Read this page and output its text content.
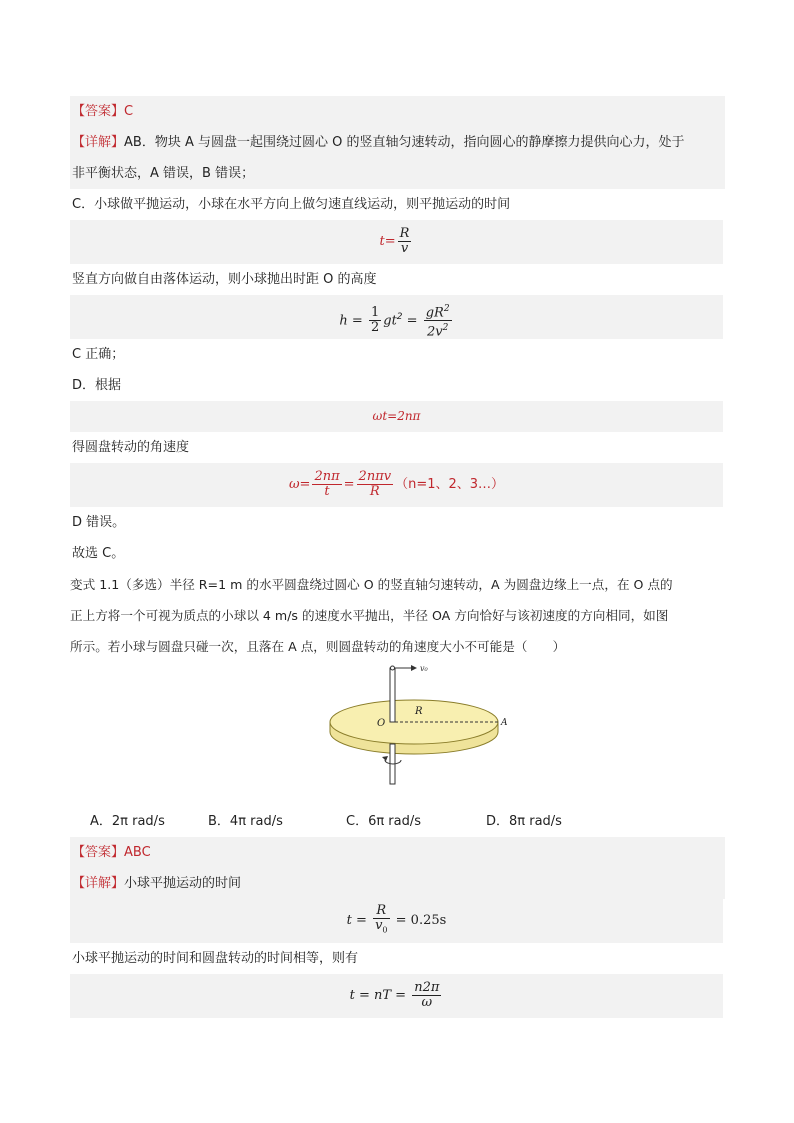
【答案】C
【详解】AB．物块 A 与圆盘一起围绕过圆心 O 的竖直轴匀速转动，指向圆心的静摩擦力提供向心力，处于
非平衡状态，A 错误，B 错误；
C．小球做平抛运动，小球在水平方向上做匀速直线运动，则平抛运动的时间
$t= \frac{R}{v}$
竖直方向做自由落体运动，则小球抛出时距 O 的高度
$h = \frac{1}{2} gt^2 = \frac{gR^2}{2v^2}$
C 正确；
D．根据
ωt=2nπ
得圆盘转动的角速度
$\omega= \frac{2n\pi}{t} = \frac{\text{2nπv}}{R} (n=1$、2、3…）
D 错误。
故选 C。
变式 1.1（多选）半径 R=1 m 的水平圆盘绕过圆心 O 的竖直轴匀速转动，A 为圆盘边缘上一点，在 O 点的
正上方将一个可视为质点的小球以 4 m/s 的速度水平抛出，半径 OA 方向恰好与该初速度的方向相同，如图
所示。若小球与圆盘只碰一次，且落在 A 点，则圆盘转动的角速度大小不可能是（　　）
v₀
R
O	A
A．2π rad/s	B．4π rad/s	C．6π rad/s	D．8π rad/s
【答案】ABC
【详解】小球平抛运动的时间
$t = \frac{R}{v_0} = 0.25s$
小球平抛运动的时间和圆盘转动的时间相等，则有
t = nT = $\frac{n2\pi}{\omega}$
